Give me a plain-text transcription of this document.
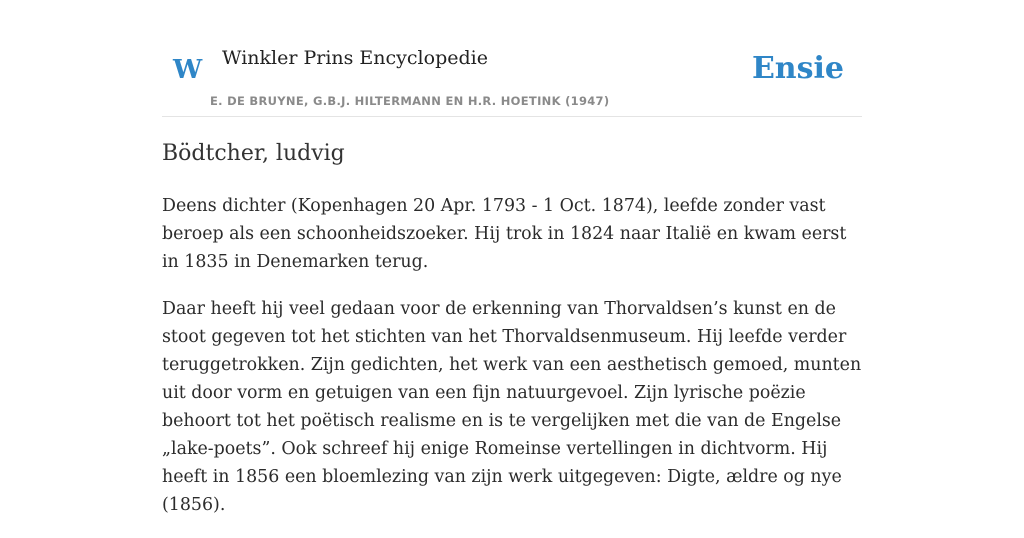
W Winkler Prins Encyclopedie
E. DE BRUYNE, G.B.J. HILTERMANN EN H.R. HOETINK (1947)
Ensie
Bödtcher, ludvig

Deens dichter (Kopenhagen 20 Apr. 1793 - 1 Oct. 1874), leefde zonder vast beroep als een schoonheidszoeker. Hij trok in 1824 naar Italië en kwam eerst in 1835 in Denemarken terug.

Daar heeft hij veel gedaan voor de erkenning van Thorvaldsen’s kunst en de stoot gegeven tot het stichten van het Thorvaldsenmuseum. Hij leefde verder teruggetrokken. Zijn gedichten, het werk van een aesthetisch gemoed, munten uit door vorm en getuigen van een fijn natuurgevoel. Zijn lyrische poëzie behoort tot het poëtisch realisme en is te vergelijken met die van de Engelse „lake-poets”. Ook schreef hij enige Romeinse vertellingen in dichtvorm. Hij heeft in 1856 een bloemlezing van zijn werk uitgegeven: Digte, ældre og nye (1856).
